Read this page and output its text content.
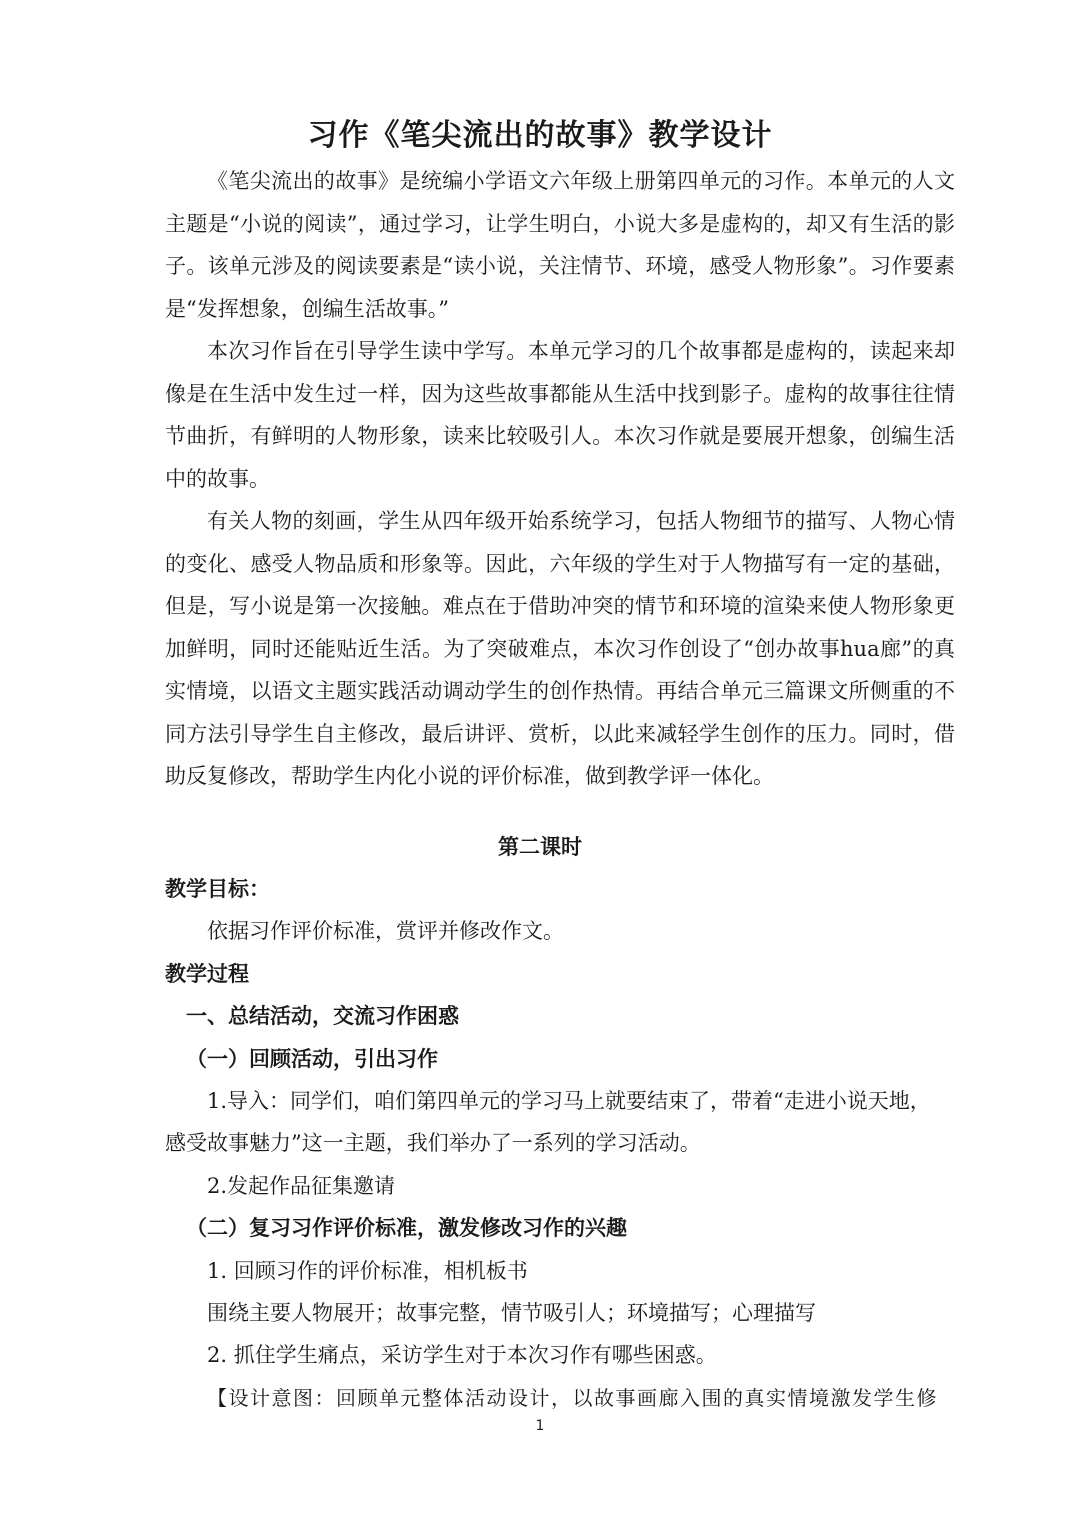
习作《笔尖流出的故事》教学设计

《笔尖流出的故事》是统编小学语文六年级上册第四单元的习作。本单元的人文主题是“小说的阅读”，通过学习，让学生明白，小说大多是虚构的，却又有生活的影子。该单元涉及的阅读要素是“读小说，关注情节、环境，感受人物形象”。习作要素是“发挥想象，创编生活故事。”

本次习作旨在引导学生读中学写。本单元学习的几个故事都是虚构的，读起来却像是在生活中发生过一样，因为这些故事都能从生活中找到影子。虚构的故事往往情节曲折，有鲜明的人物形象，读来比较吸引人。本次习作就是要展开想象，创编生活中的故事。

有关人物的刻画，学生从四年级开始系统学习，包括人物细节的描写、人物心情的变化、感受人物品质和形象等。因此，六年级的学生对于人物描写有一定的基础，但是，写小说是第一次接触。难点在于借助冲突的情节和环境的渲染来使人物形象更加鲜明，同时还能贴近生活。为了突破难点，本次习作创设了“创办故事hua廊”的真实情境，以语文主题实践活动调动学生的创作热情。再结合单元三篇课文所侧重的不同方法引导学生自主修改，最后讲评、赏析，以此来减轻学生创作的压力。同时，借助反复修改，帮助学生内化小说的评价标准，做到教学评一体化。

第二课时
教学目标：
依据习作评价标准，赏评并修改作文。
教学过程
一、总结活动，交流习作困惑
（一）回顾活动，引出习作
1.导入：同学们，咱们第四单元的学习马上就要结束了，带着“走进小说天地，
感受故事魅力”这一主题，我们举办了一系列的学习活动。
2.发起作品征集邀请
（二）复习习作评价标准，激发修改习作的兴趣
1. 回顾习作的评价标准，相机板书
围绕主要人物展开；故事完整，情节吸引人；环境描写；心理描写
2. 抓住学生痛点，采访学生对于本次习作有哪些困惑。
【设计意图：回顾单元整体活动设计，以故事画廊入围的真实情境激发学生修
1
